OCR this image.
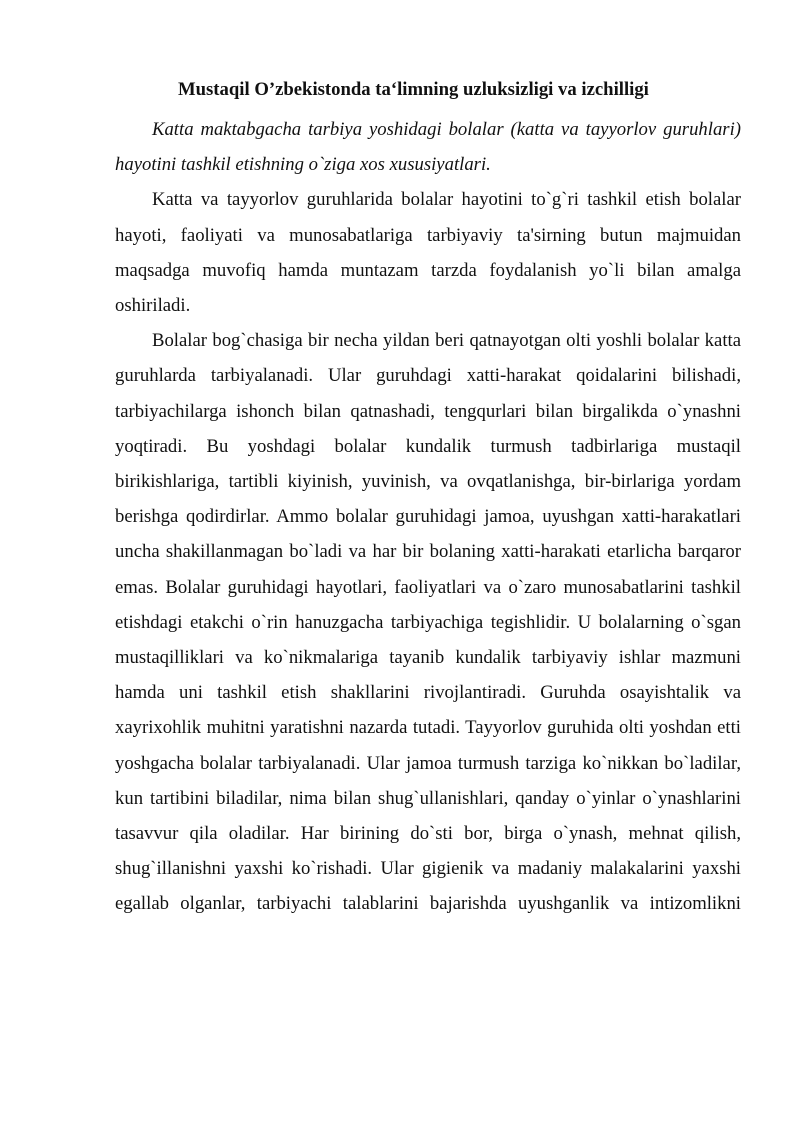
Mustaqil O’zbekistonda ta‘limning uzluksizligi va izchilligi

Katta maktabgacha tarbiya yoshidagi bolalar (katta va tayyorlov guruhlari) hayotini tashkil etishning o`ziga xos xususiyatlari.

Katta va tayyorlov guruhlarida bolalar hayotini to`g`ri tashkil etish bolalar hayoti, faoliyati va munosabatlariga tarbiyaviy ta'sirning butun majmuidan maqsadga muvofiq hamda muntazam tarzda foydalanish yo`li bilan amalga oshiriladi.

Bolalar bog`chasiga bir necha yildan beri qatnayotgan olti yoshli bolalar katta guruhlarda tarbiyalanadi. Ular guruhdagi xatti-harakat qoidalarini bilishadi, tarbiyachilarga ishonch bilan qatnashadi, tengqurlari bilan birgalikda o`ynashni yoqtiradi. Bu yoshdagi bolalar kundalik turmush tadbirlariga mustaqil birikishlariga, tartibli kiyinish, yuvinish, va ovqatlanishga, bir-birlariga yordam berishga qodirdirlar. Ammo bolalar guruhidagi jamoa, uyushgan xatti-harakatlari uncha shakillanmagan bo`ladi va har bir bolaning xatti-harakati etarlicha barqaror emas. Bolalar guruhidagi hayotlari, faoliyatlari va o`zaro munosabatlarini tashkil etishdagi etakchi o`rin hanuzgacha tarbiyachiga tegishlidir. U bolalarning o`sgan mustaqilliklari va ko`nikmalariga tayanib kundalik tarbiyaviy ishlar mazmuni hamda uni tashkil etish shakllarini rivojlantiradi. Guruhda osayishtalik va xayrixohlik muhitni yaratishni nazarda tutadi. Tayyorlov guruhida olti yoshdan etti yoshgacha bolalar tarbiyalanadi. Ular jamoa turmush tarziga ko`nikkan bo`ladilar, kun tartibini biladilar, nima bilan shug`ullanishlari, qanday o`yinlar o`ynashlarini tasavvur qila oladilar. Har birining do`sti bor, birga o`ynash, mehnat qilish, shug`illanishni yaxshi ko`rishadi. Ular gigienik va madaniy malakalarini yaxshi egallab olganlar, tarbiyachi talablarini bajarishda uyushganlik va intizomlikni
